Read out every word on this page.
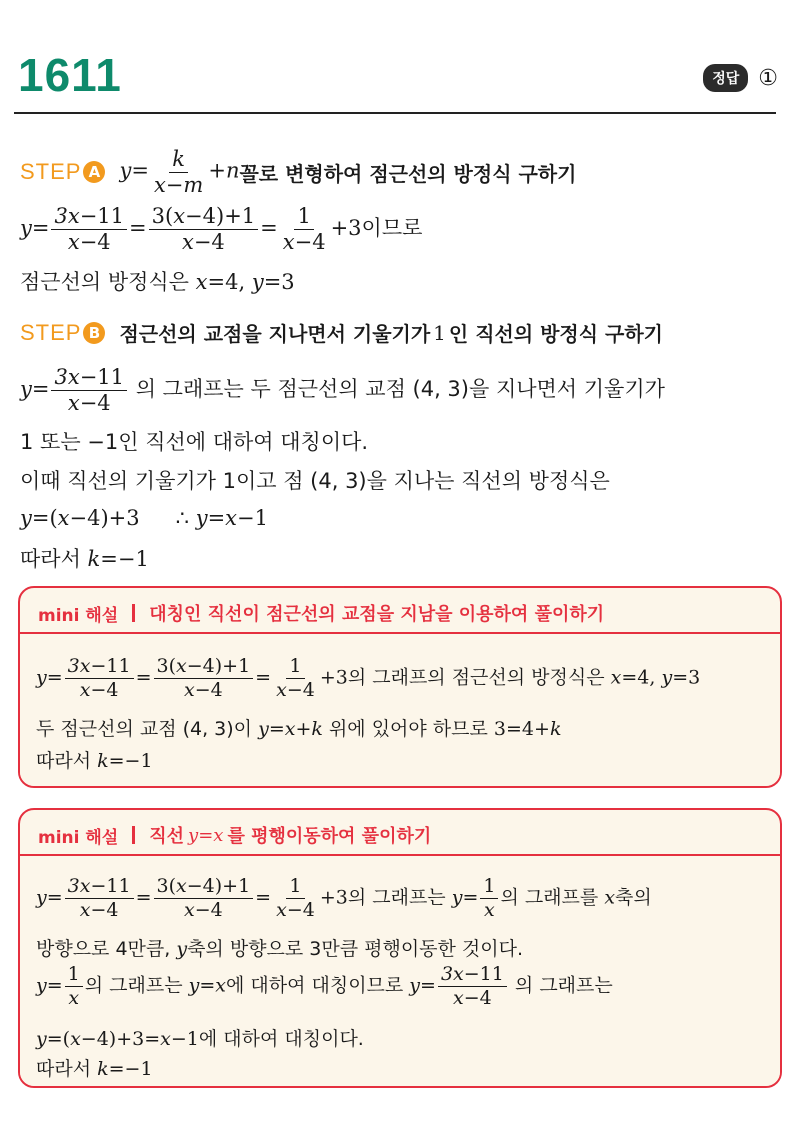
1611	정답 ①
STEP A $y= \frac{k}{x-m} +n$ 꼴로 변형하여 점근선의 방정식 구하기
$y= \frac{3x-11}{x-4} = \frac{3(x-4)+1}{x-4} = \frac{1}{x-4} +3$이므로
점근선의 방정식은 x=4, y=3
STEP B 점근선의 교점을 지나면서 기울기가 1 인 직선의 방정식 구하기
$y= \frac{3x-11}{x-4}$ 의 그래프는 두 점근선의 교점 (4, 3)을 지나면서 기울기가
1 또는 −1인 직선에 대하여 대칭이다.
이때 직선의 기울기가 1이고 점 (4, 3)을 지나는 직선의 방정식은
y=(x−4)+3 ∴ y=x−1
따라서 k=−1
mini 해설 대칭인 직선이 점근선의 교점을 지남을 이용하여 풀이하기
$y= \frac{3x-11}{x-4} = \frac{3(x-4)+1}{x-4} = \frac{1}{x-4} +3$의 그래프의 점근선의 방정식은 x=4, y=3
두 점근선의 교점 (4, 3)이 y=x+k 위에 있어야 하므로 3=4+k
따라서 k=−1
mini 해설 직선 y=x 를 평행이동하여 풀이하기
$y= \frac{3x-11}{x-4} = \frac{3(x-4)+1}{x-4} = \frac{1}{x-4} +3$의 그래프는 $y= \frac{1}{x}$ 의 그래프를 x축의
방향으로 4만큼, y축의 방향으로 3만큼 평행이동한 것이다.
$y= \frac{1}{x}$ 의 그래프는 y=x에 대하여 대칭이므로 $y= \frac{3x-11}{x-4}$ 의 그래프는
y=(x−4)+3=x−1에 대하여 대칭이다.
따라서 k=−1
